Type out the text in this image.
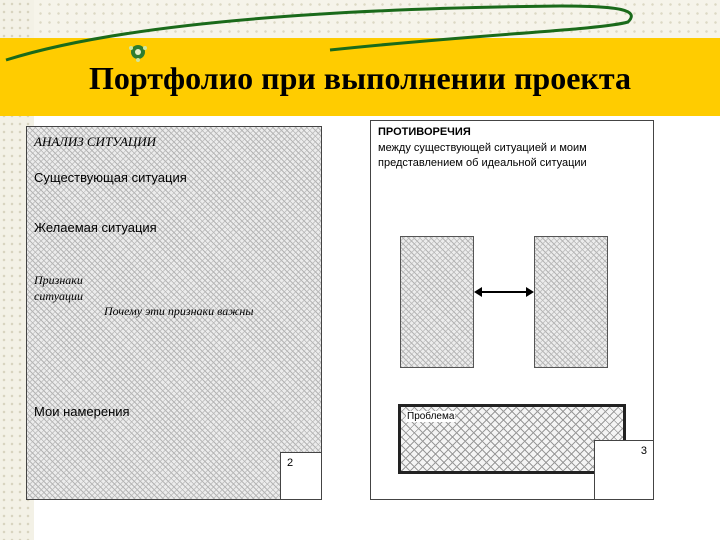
Портфолио при выполнении проекта
АНАЛИЗ СИТУАЦИИ
Существующая ситуация
Желаемая ситуация
Признаки ситуации
Почему эти признаки важны
Мои намерения
2
ПРОТИВОРЕЧИЯ
между существующей ситуацией и моим представлением об идеальной ситуации
Проблема
3
